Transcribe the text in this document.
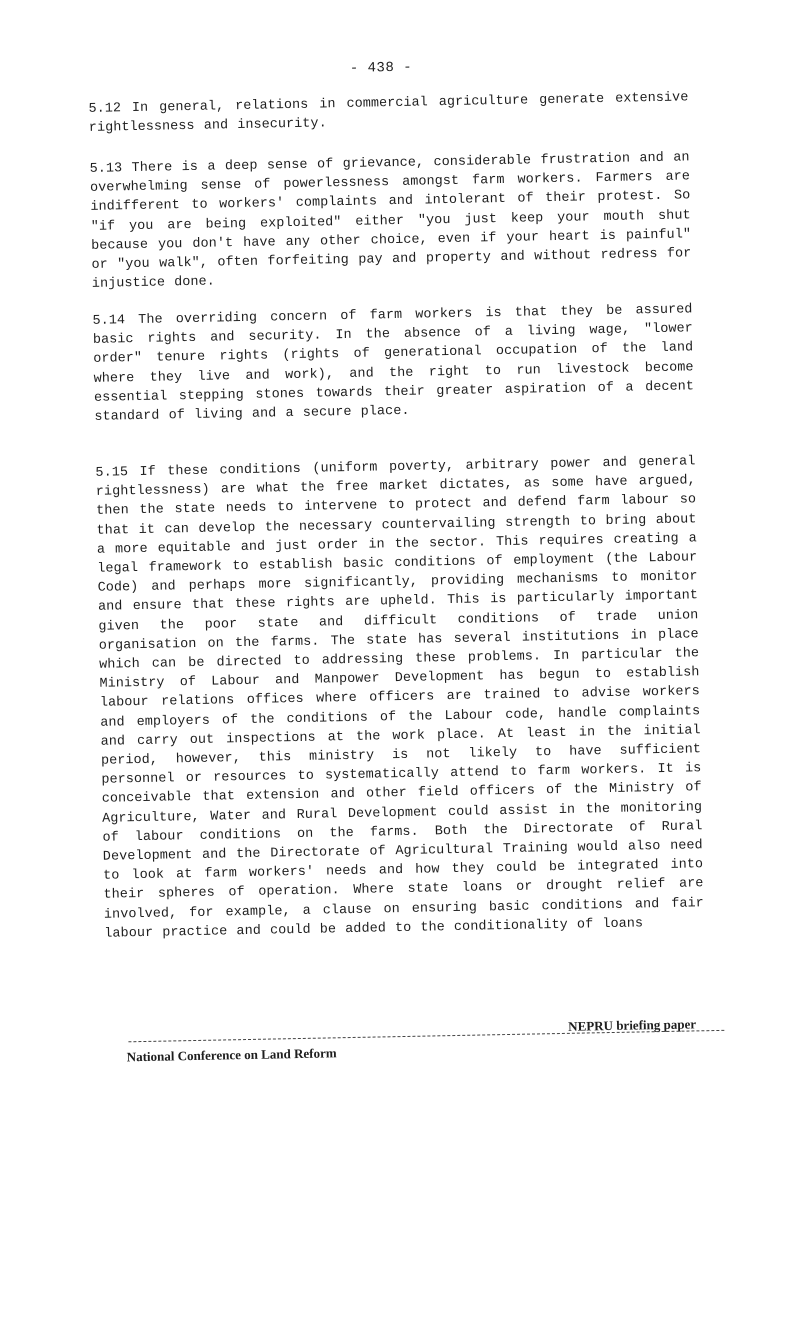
- 438 -

5.12 In general, relations in commercial agriculture generate extensive rightlessness and insecurity.

5.13 There is a deep sense of grievance, considerable frustration and an overwhelming sense of powerlessness amongst farm workers. Farmers are indifferent to workers' complaints and intolerant of their protest. So "if you are being exploited" either "you just keep your mouth shut because you don't have any other choice, even if your heart is painful" or "you walk", often forfeiting pay and property and without redress for injustice done.

5.14 The overriding concern of farm workers is that they be assured basic rights and security. In the absence of a living wage, "lower order" tenure rights (rights of generational occupation of the land where they live and work), and the right to run livestock become essential stepping stones towards their greater aspiration of a decent standard of living and a secure place.

5.15 If these conditions (uniform poverty, arbitrary power and general rightlessness) are what the free market dictates, as some have argued, then the state needs to intervene to protect and defend farm labour so that it can develop the necessary countervailing strength to bring about a more equitable and just order in the sector. This requires creating a legal framework to establish basic conditions of employment (the Labour Code) and perhaps more significantly, providing mechanisms to monitor and ensure that these rights are upheld. This is particularly important given the poor state and difficult conditions of trade union organisation on the farms. The state has several institutions in place which can be directed to addressing these problems. In particular the Ministry of Labour and Manpower Development has begun to establish labour relations offices where officers are trained to advise workers and employers of the conditions of the Labour code, handle complaints and carry out inspections at the work place. At least in the initial period, however, this ministry is not likely to have sufficient personnel or resources to systematically attend to farm workers. It is conceivable that extension and other field officers of the Ministry of Agriculture, Water and Rural Development could assist in the monitoring of labour conditions on the farms. Both the Directorate of Rural Development and the Directorate of Agricultural Training would also need to look at farm workers' needs and how they could be integrated into their spheres of operation. Where state loans or drought relief are involved, for example, a clause on ensuring basic conditions and fair labour practice and could be added to the conditionality of loans

NEPRU briefing paper
National Conference on Land Reform
